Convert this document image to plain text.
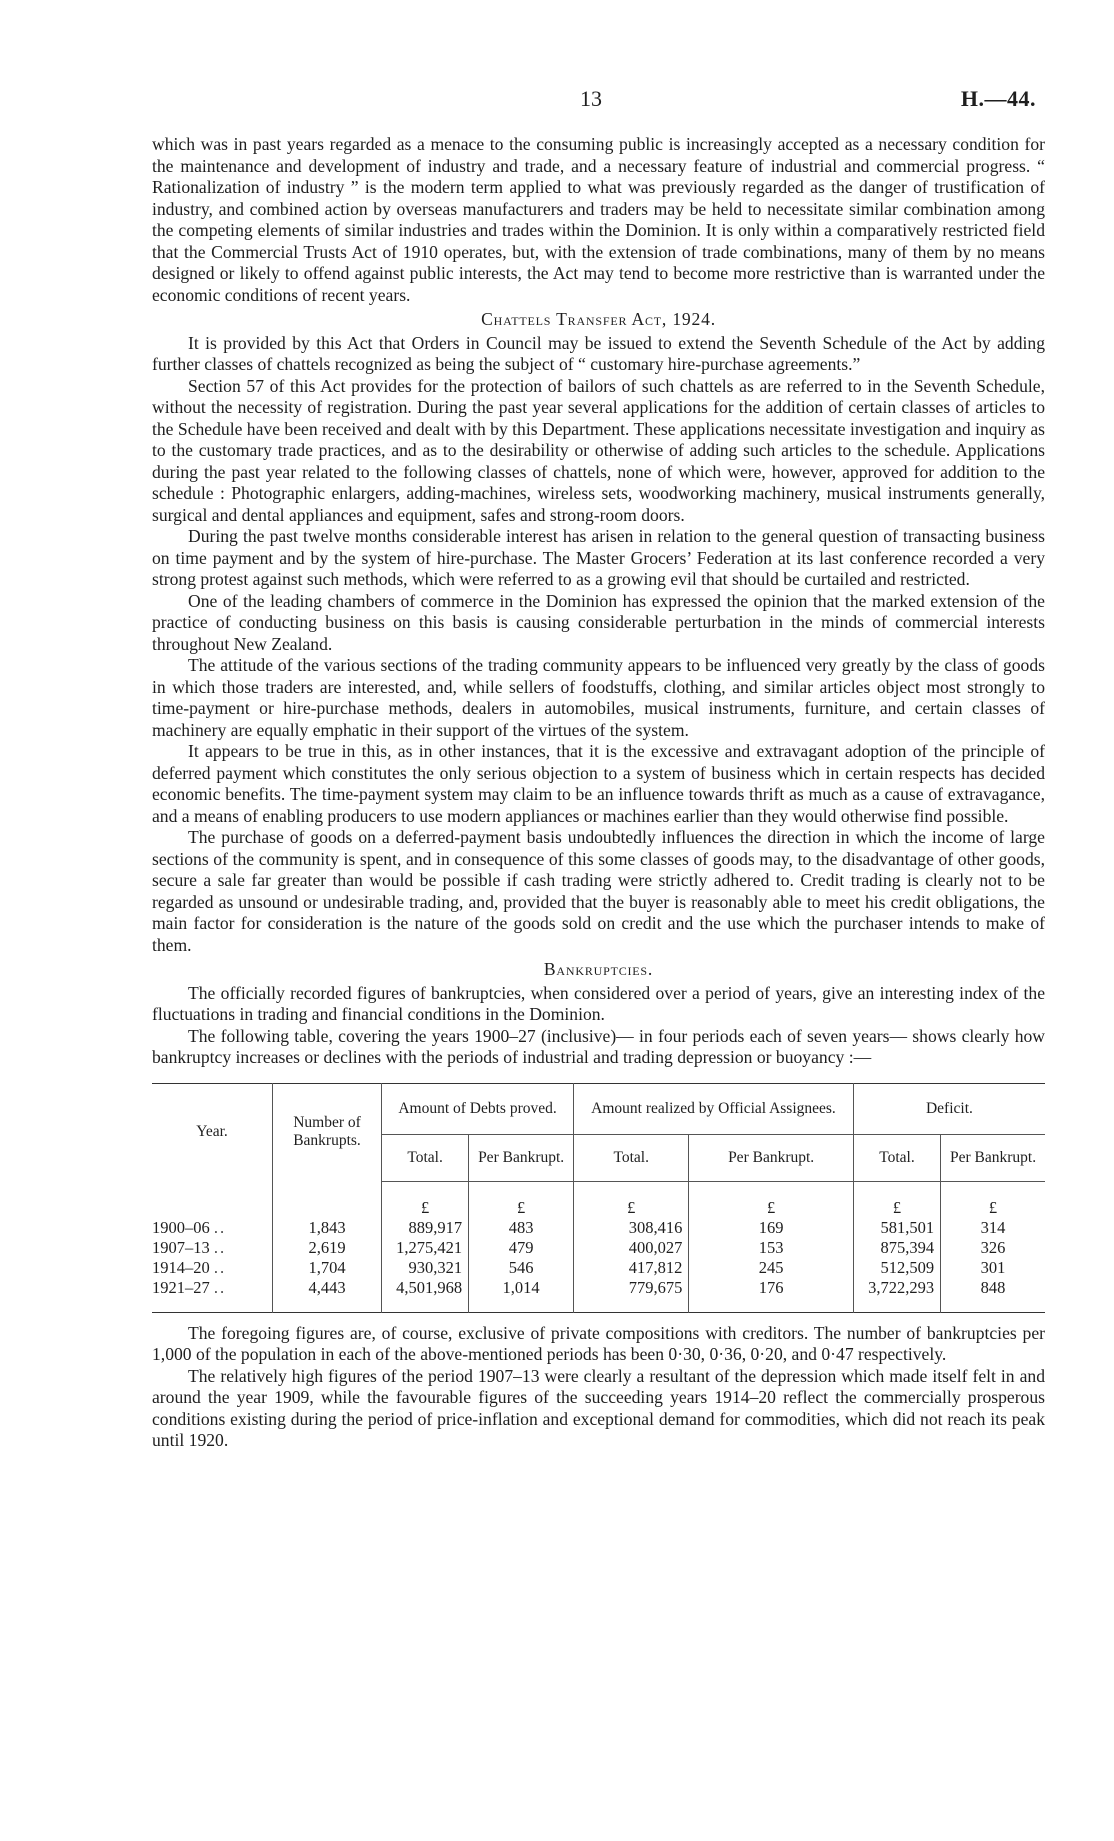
13	H.—44.

which was in past years regarded as a menace to the consuming public is increasingly accepted as a necessary condition for the maintenance and development of industry and trade, and a necessary feature of industrial and commercial progress. “ Rationalization of industry ” is the modern term applied to what was previously regarded as the danger of trustification of industry, and combined action by overseas manufacturers and traders may be held to necessitate similar combination among the competing elements of similar industries and trades within the Dominion. It is only within a comparatively restricted field that the Commercial Trusts Act of 1910 operates, but, with the extension of trade combinations, many of them by no means designed or likely to offend against public interests, the Act may tend to become more restrictive than is warranted under the economic conditions of recent years.

Chattels Transfer Act, 1924.

It is provided by this Act that Orders in Council may be issued to extend the Seventh Schedule of the Act by adding further classes of chattels recognized as being the subject of “ customary hire-purchase agreements.”

Section 57 of this Act provides for the protection of bailors of such chattels as are referred to in the Seventh Schedule, without the necessity of registration. During the past year several applications for the addition of certain classes of articles to the Schedule have been received and dealt with by this Department. These applications necessitate investigation and inquiry as to the customary trade practices, and as to the desirability or otherwise of adding such articles to the schedule. Applications during the past year related to the following classes of chattels, none of which were, however, approved for addition to the schedule : Photographic enlargers, adding-machines, wireless sets, woodworking machinery, musical instruments generally, surgical and dental appliances and equipment, safes and strong-room doors.

During the past twelve months considerable interest has arisen in relation to the general question of transacting business on time payment and by the system of hire-purchase. The Master Grocers’ Federation at its last conference recorded a very strong protest against such methods, which were referred to as a growing evil that should be curtailed and restricted.

One of the leading chambers of commerce in the Dominion has expressed the opinion that the marked extension of the practice of conducting business on this basis is causing considerable perturbation in the minds of commercial interests throughout New Zealand.

The attitude of the various sections of the trading community appears to be influenced very greatly by the class of goods in which those traders are interested, and, while sellers of foodstuffs, clothing, and similar articles object most strongly to time-payment or hire-purchase methods, dealers in automobiles, musical instruments, furniture, and certain classes of machinery are equally emphatic in their support of the virtues of the system.

It appears to be true in this, as in other instances, that it is the excessive and extravagant adoption of the principle of deferred payment which constitutes the only serious objection to a system of business which in certain respects has decided economic benefits. The time-payment system may claim to be an influence towards thrift as much as a cause of extravagance, and a means of enabling producers to use modern appliances or machines earlier than they would otherwise find possible.

The purchase of goods on a deferred-payment basis undoubtedly influences the direction in which the income of large sections of the community is spent, and in consequence of this some classes of goods may, to the disadvantage of other goods, secure a sale far greater than would be possible if cash trading were strictly adhered to. Credit trading is clearly not to be regarded as unsound or undesirable trading, and, provided that the buyer is reasonably able to meet his credit obligations, the main factor for consideration is the nature of the goods sold on credit and the use which the purchaser intends to make of them.

Bankruptcies.

The officially recorded figures of bankruptcies, when considered over a period of years, give an interesting index of the fluctuations in trading and financial conditions in the Dominion.

The following table, covering the years 1900–27 (inclusive)— in four periods each of seven years— shows clearly how bankruptcy increases or declines with the periods of industrial and trading depression or buoyancy :—

Year.	Number of Bankrupts.	Amount of Debts proved.		Amount realized by Official Assignees.		Deficit.	
		Total.	Per Bankrupt.	Total.	Per Bankrupt.	Total.	Per Bankrupt.
		£	£	£	£	£	£
1900–06 ..	1,843	889,917	483	308,416	169	581,501	314
1907–13 ..	2,619	1,275,421	479	400,027	153	875,394	326
1914–20 ..	1,704	930,321	546	417,812	245	512,509	301
1921–27 ..	4,443	4,501,968	1,014	779,675	176	3,722,293	848

The foregoing figures are, of course, exclusive of private compositions with creditors. The number of bankruptcies per 1,000 of the population in each of the above-mentioned periods has been 0·30, 0·36, 0·20, and 0·47 respectively.

The relatively high figures of the period 1907–13 were clearly a resultant of the depression which made itself felt in and around the year 1909, while the favourable figures of the succeeding years 1914–20 reflect the commercially prosperous conditions existing during the period of price-inflation and exceptional demand for commodities, which did not reach its peak until 1920.
